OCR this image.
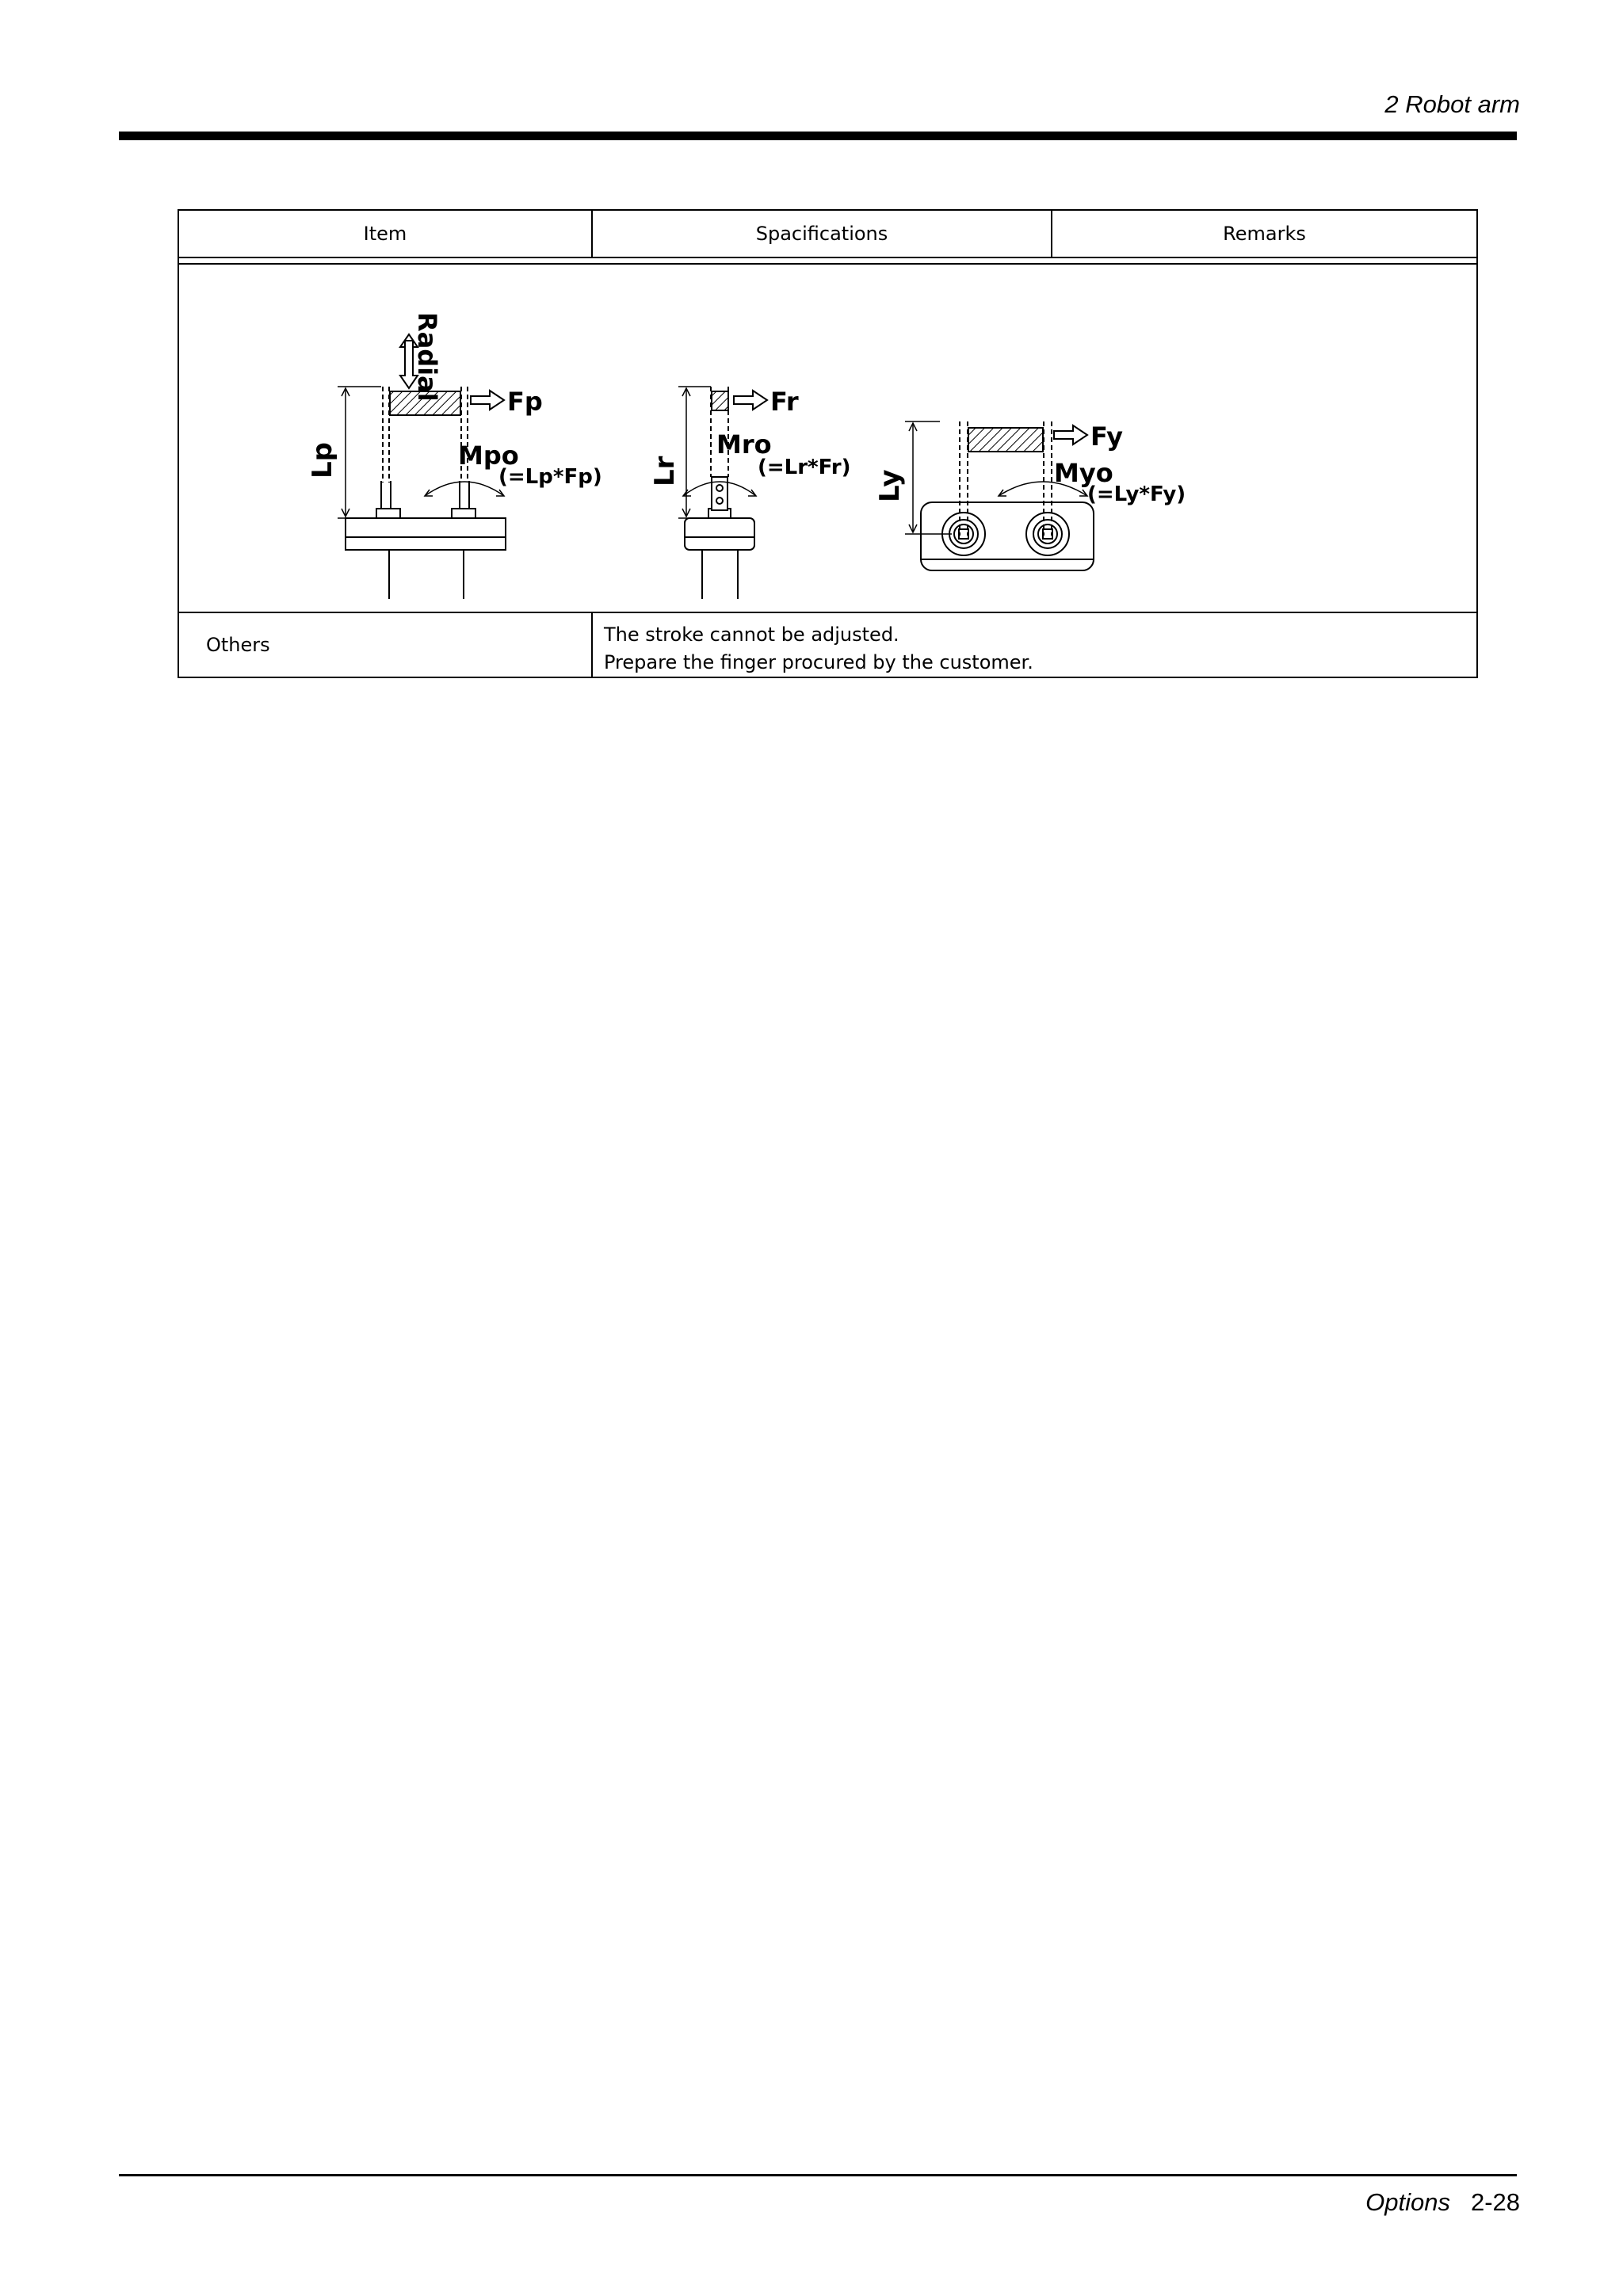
2 Robot arm
Item	Spacifications	Remarks
Radial
Lp
Fp
Mpo
(=Lp*Fp) Lr
Fr
Mro
(=Lr*Fr)
Ly
Fy
Myo
(=Ly*Fy)
Others	The stroke cannot be adjusted.
Prepare the finger procured by the customer.
Options 2-28
